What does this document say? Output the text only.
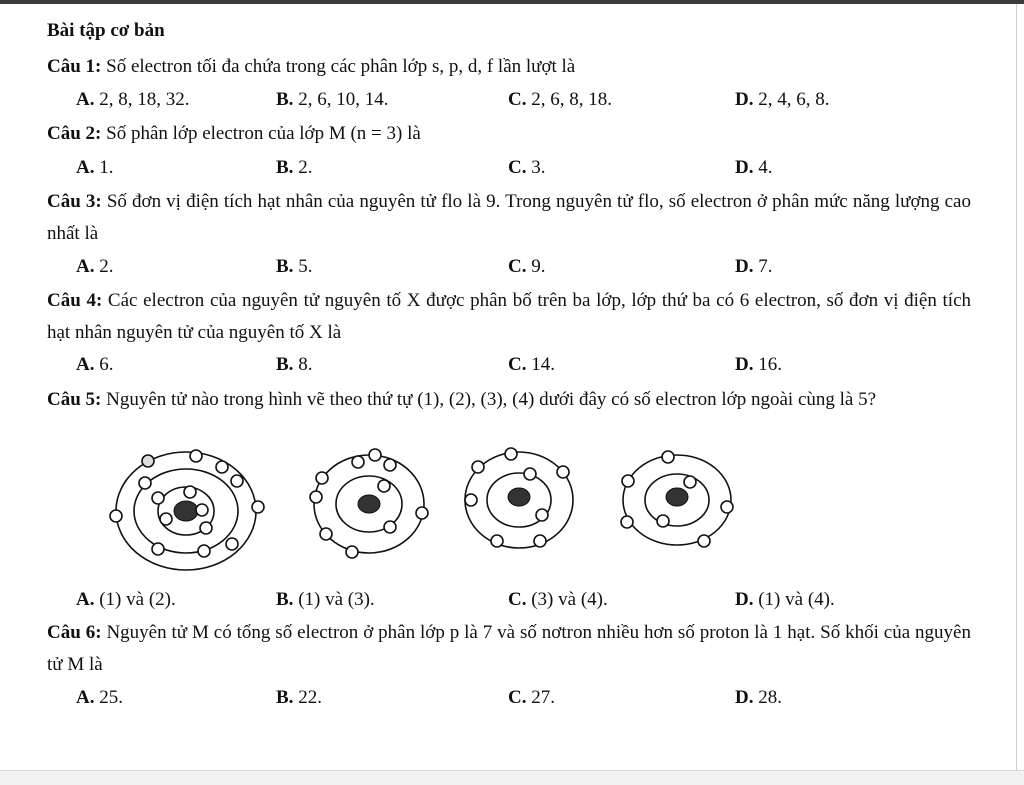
Bài tập cơ bản
Câu 1: Số electron tối đa chứa trong các phân lớp s, p, d, f lần lượt là
A. 2, 8, 18, 32.	B. 2, 6, 10, 14.	C. 2, 6, 8, 18.	D. 2, 4, 6, 8.
Câu 2: Số phân lớp electron của lớp M (n = 3) là
A. 1.	B. 2.	C. 3.	D. 4.
Câu 3: Số đơn vị điện tích hạt nhân của nguyên tử flo là 9. Trong nguyên tử flo, số electron ở phân mức năng lượng cao nhất là
A. 2.	B. 5.	C. 9.	D. 7.
Câu 4: Các electron của nguyên tử nguyên tố X được phân bố trên ba lớp, lớp thứ ba có 6 electron, số đơn vị điện tích hạt nhân nguyên tử của nguyên tố X là
A. 6.	B. 8.	C. 14.	D. 16.
Câu 5: Nguyên tử nào trong hình vẽ theo thứ tự (1), (2), (3), (4) dưới đây có số electron lớp ngoài cùng là 5?
A. (1) và (2).	B. (1) và (3).	C. (3) và (4).	D. (1) và (4).
Câu 6: Nguyên tử M có tổng số electron ở phân lớp p là 7 và số nơtron nhiều hơn số proton là 1 hạt. Số khối của nguyên tử M là
A. 25.	B. 22.	C. 27.	D. 28.
